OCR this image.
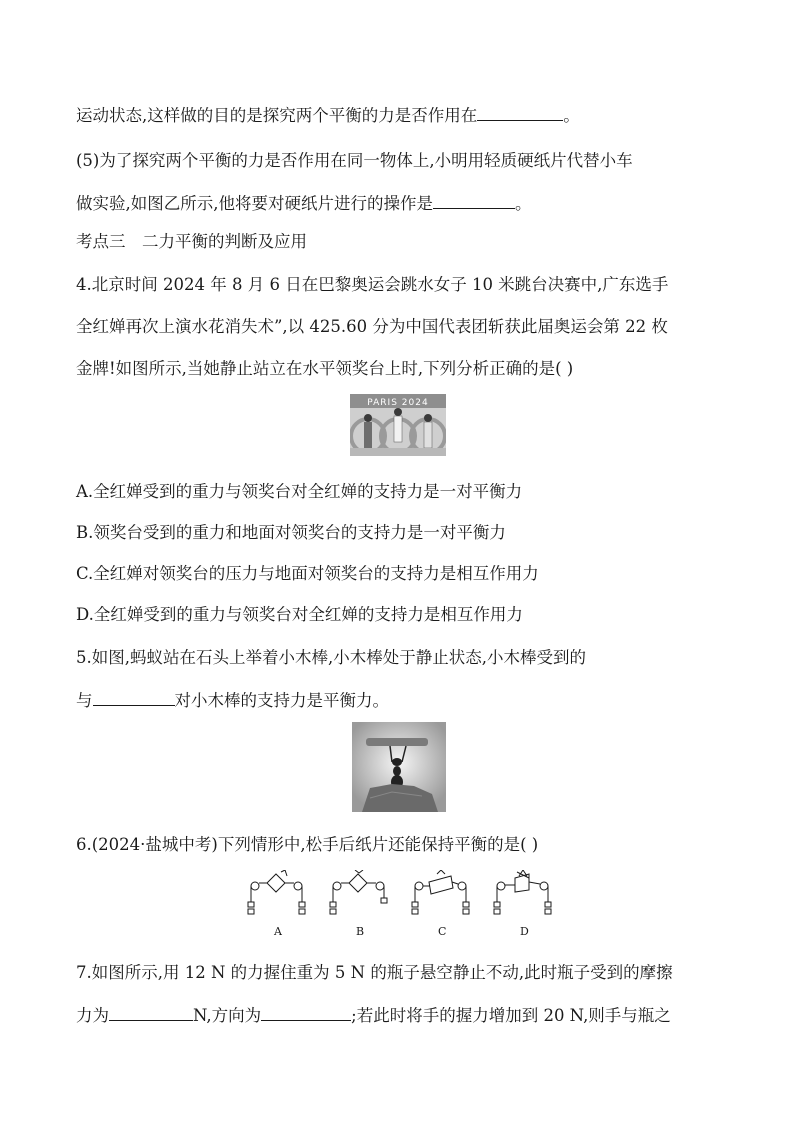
运动状态,这样做的目的是探究两个平衡的力是否作用在	。
(5)为了探究两个平衡的力是否作用在同一物体上,小明用轻质硬纸片代替小车
做实验,如图乙所示,他将要对硬纸片进行的操作是	。
考点三　二力平衡的判断及应用
4.北京时间 2024 年 8 月 6 日在巴黎奥运会跳水女子 10 米跳台决赛中,广东选手
全红婵再次上演水花消失术”,以 425.60 分为中国代表团斩获此届奥运会第 22 枚
金牌!如图所示,当她静止站立在水平领奖台上时,下列分析正确的是( )
PARIS 2024
A.全红婵受到的重力与领奖台对全红婵的支持力是一对平衡力
B.领奖台受到的重力和地面对领奖台的支持力是一对平衡力
C.全红婵对领奖台的压力与地面对领奖台的支持力是相互作用力
D.全红婵受到的重力与领奖台对全红婵的支持力是相互作用力
5.如图,蚂蚁站在石头上举着小木棒,小木棒处于静止状态,小木棒受到的
与	对小木棒的支持力是平衡力。
6.(2024·盐城中考)下列情形中,松手后纸片还能保持平衡的是( )
A	B	C	D
7.如图所示,用 12 N 的力握住重为 5 N 的瓶子悬空静止不动,此时瓶子受到的摩擦
力为	N,方向为	;若此时将手的握力增加到 20 N,则手与瓶之
